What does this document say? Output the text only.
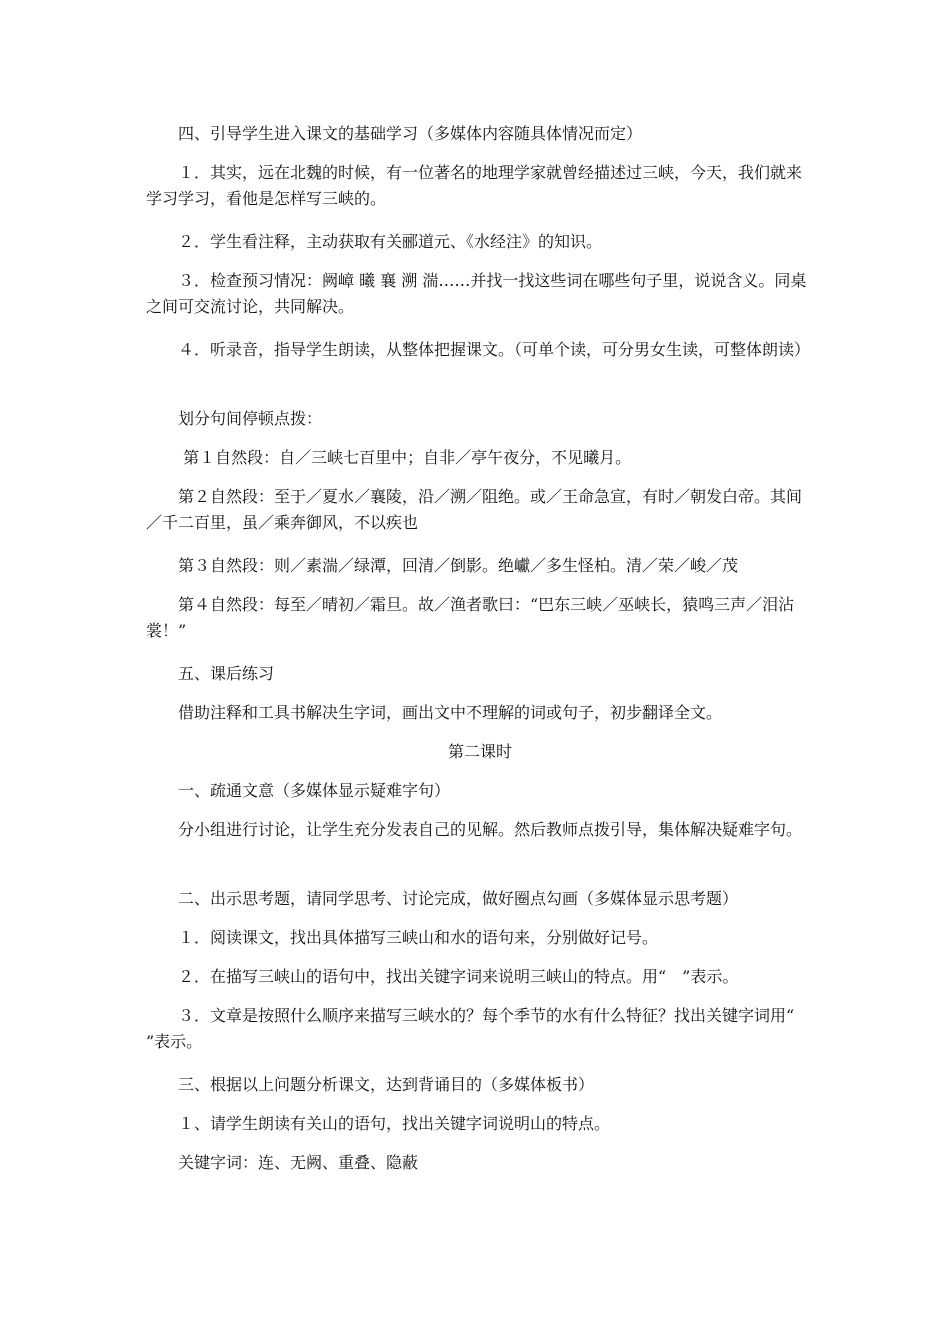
　　四、引导学生进入课文的基础学习（多媒体内容随具体情况而定）
　　１．其实，远在北魏的时候，有一位著名的地理学家就曾经描述过三峡，今天，我们就来学习学习，看他是怎样写三峡的。
　　２．学生看注释，主动获取有关郦道元、《水经注》的知识。
　　３．检查预习情况：阙嶂 曦 襄 溯 湍……并找一找这些词在哪些句子里，说说含义。同桌之间可交流讨论，共同解决。
　　４．听录音，指导学生朗读，从整体把握课文。（可单个读，可分男女生读，可整体朗读）
　　划分句间停顿点拨：
　　 第１自然段：自／三峡七百里中；自非／亭午夜分，不见曦月。
　　第２自然段：至于／夏水／襄陵，沿／溯／阻绝。或／王命急宣，有时／朝发白帝。其间／千二百里，虽／乘奔御风，不以疾也
　　第３自然段：则／素湍／绿潭，回清／倒影。绝巘／多生怪柏。清／荣／峻／茂
　　第４自然段：每至／晴初／霜旦。故／渔者歌曰：“巴东三峡／巫峡长，猿鸣三声／泪沾裳！”
　　五、课后练习
　　借助注释和工具书解决生字词，画出文中不理解的词或句子，初步翻译全文。
第二课时
　　一、疏通文意（多媒体显示疑难字句）
　　分小组进行讨论，让学生充分发表自己的见解。然后教师点拨引导，集体解决疑难字句。
　　二、出示思考题，请同学思考、讨论完成，做好圈点勾画（多媒体显示思考题）
　　１．阅读课文，找出具体描写三峡山和水的语句来，分别做好记号。
　　２．在描写三峡山的语句中，找出关键字词来说明三峡山的特点。用“　”表示。
　　３．文章是按照什么顺序来描写三峡水的？每个季节的水有什么特征？找出关键字词用“　　”表示。
　　三、根据以上问题分析课文，达到背诵目的（多媒体板书）
　　１、请学生朗读有关山的语句，找出关键字词说明山的特点。
　　关键字词：连、无阙、重叠、隐蔽
